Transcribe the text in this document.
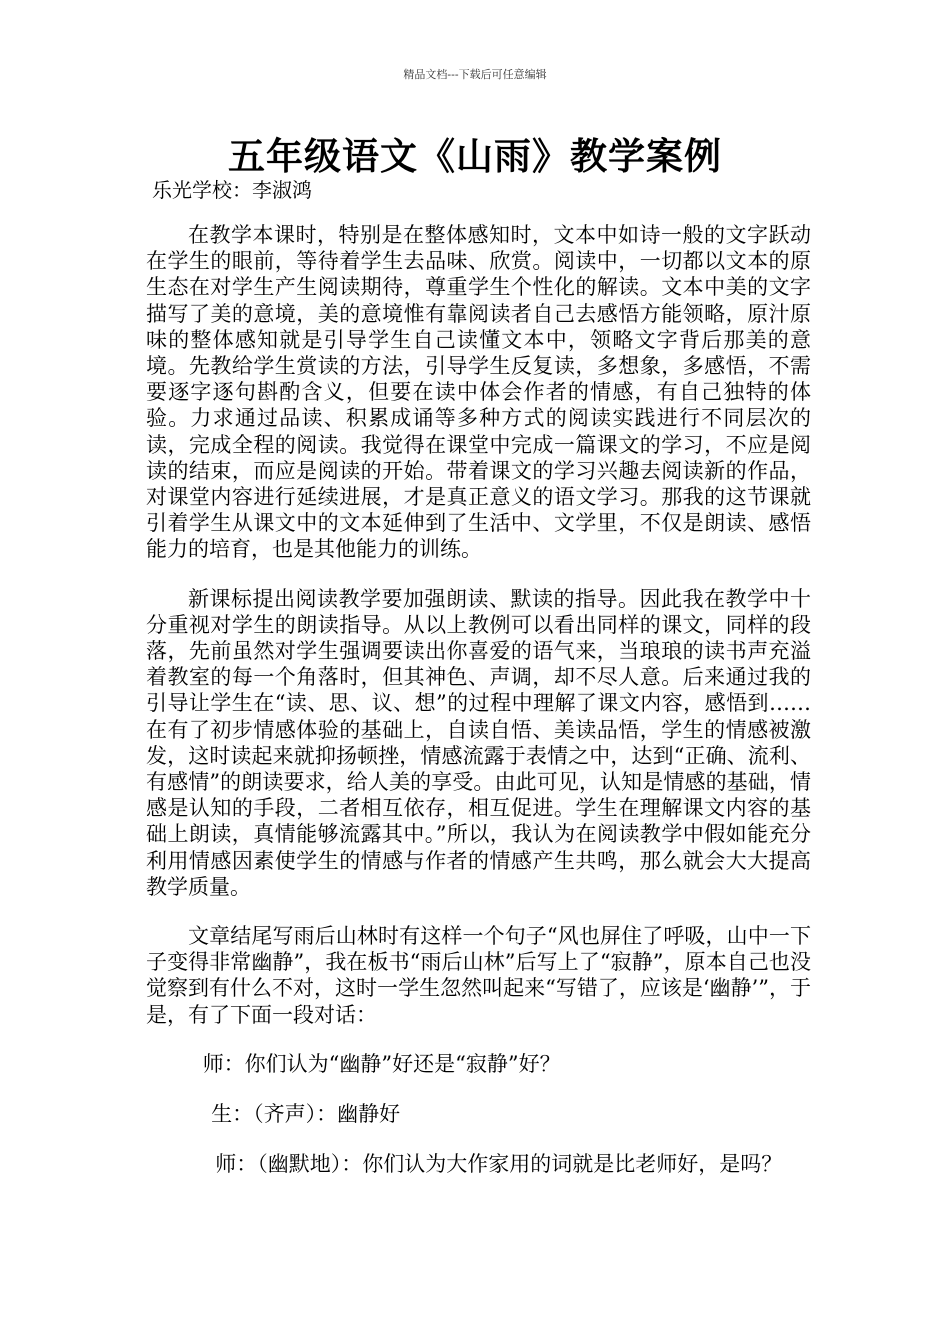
精品文档---下载后可任意编辑
五年级语文《山雨》教学案例

乐光学校：李淑鸿

在教学本课时，特别是在整体感知时，文本中如诗一般的文字跃动在学生的眼前，等待着学生去品味、欣赏。阅读中，一切都以文本的原生态在对学生产生阅读期待，尊重学生个性化的解读。文本中美的文字描写了美的意境，美的意境惟有靠阅读者自己去感悟方能领略，原汁原味的整体感知就是引导学生自己读懂文本中，领略文字背后那美的意境。先教给学生赏读的方法，引导学生反复读，多想象，多感悟，不需要逐字逐句斟酌含义，但要在读中体会作者的情感，有自己独特的体验。力求通过品读、积累成诵等多种方式的阅读实践进行不同层次的读，完成全程的阅读。我觉得在课堂中完成一篇课文的学习，不应是阅读的结束，而应是阅读的开始。带着课文的学习兴趣去阅读新的作品，对课堂内容进行延续进展，才是真正意义的语文学习。那我的这节课就引着学生从课文中的文本延伸到了生活中、文学里，不仅是朗读、感悟能力的培育，也是其他能力的训练。

新课标提出阅读教学要加强朗读、默读的指导。因此我在教学中十分重视对学生的朗读指导。从以上教例可以看出同样的课文，同样的段落，先前虽然对学生强调要读出你喜爱的语气来，当琅琅的读书声充溢着教室的每一个角落时，但其神色、声调，却不尽人意。后来通过我的引导让学生在“读、思、议、想”的过程中理解了课文内容，感悟到……在有了初步情感体验的基础上，自读自悟、美读品悟，学生的情感被激发，这时读起来就抑扬顿挫，情感流露于表情之中，达到“正确、流利、有感情”的朗读要求，给人美的享受。由此可见，认知是情感的基础，情感是认知的手段，二者相互依存，相互促进。学生在理解课文内容的基础上朗读，真情能够流露其中。”所以，我认为在阅读教学中假如能充分利用情感因素使学生的情感与作者的情感产生共鸣，那么就会大大提高教学质量。

文章结尾写雨后山林时有这样一个句子“风也屏住了呼吸，山中一下子变得非常幽静”，我在板书“雨后山林”后写上了“寂静”，原本自己也没觉察到有什么不对，这时一学生忽然叫起来“写错了，应该是‘幽静’”，于是，有了下面一段对话：

师：你们认为“幽静”好还是“寂静”好？

生：（齐声）：幽静好

师：（幽默地）：你们认为大作家用的词就是比老师好，是吗？
